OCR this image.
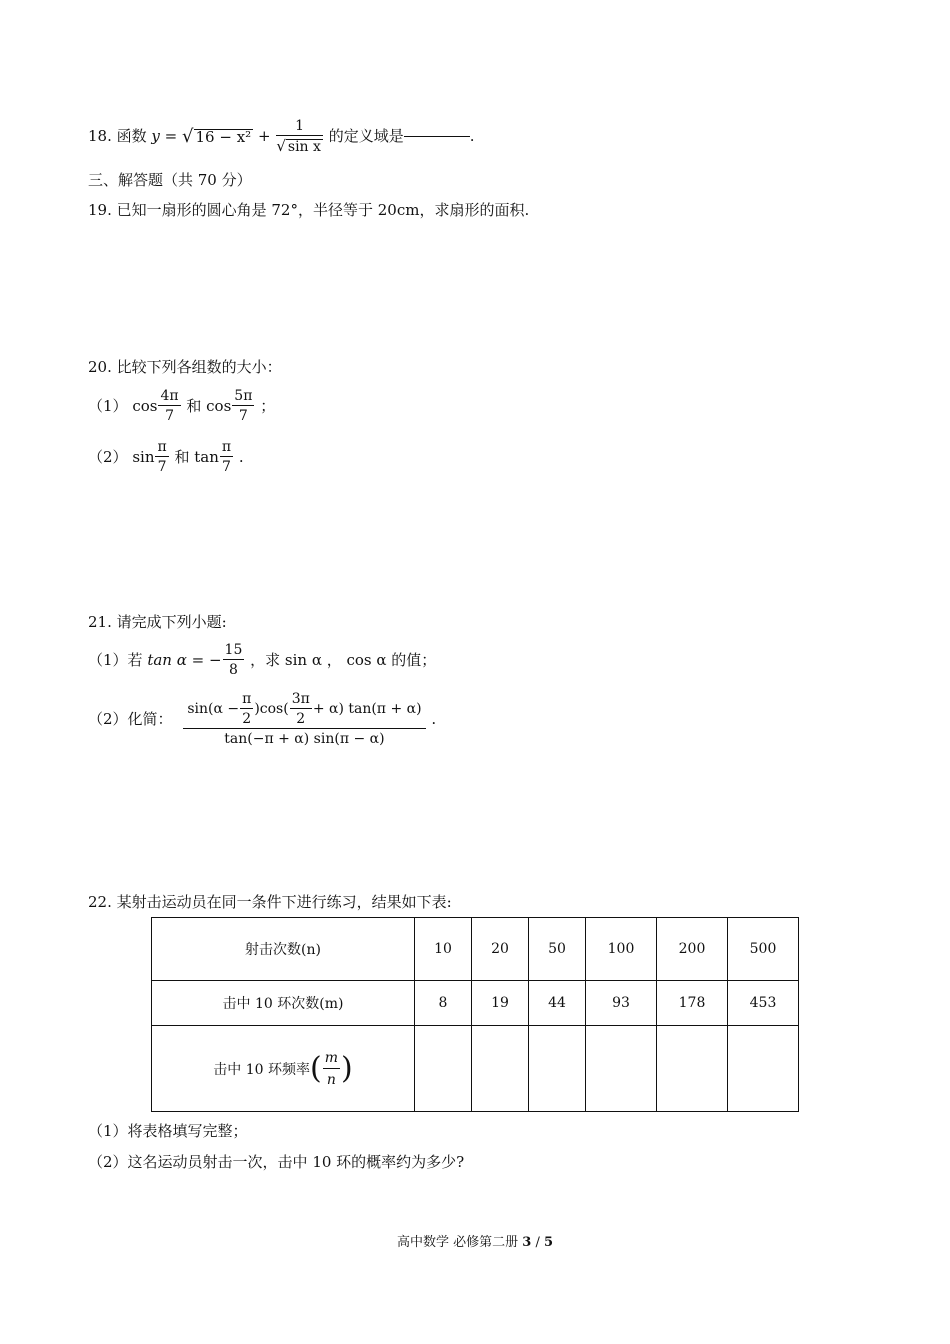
18. 函数 y = √ $16 - x^2 + \frac{1}{\text{√ sin x}}$ 的定义域是	.
三、解答题（共 70 分）
19. 已知一扇形的圆心角是 72°，半径等于 20cm，求扇形的面积.
20. 比较下列各组数的大小：
（1） $\cos \frac{4\pi}{7}$ 和 $\cos \frac{5\pi}{7}$ ；
（2） $\sin \frac{\pi}{7}$ 和 $\tan \frac{\pi}{7}$ .
21. 请完成下列小题:
（1）若 tan α = − $\frac{15}{8}$ ，求 sin α ， cos α 的值；
（2）化简： $\frac{\sin(\alpha - \frac{\pi}{2} )\cos( \frac{3\pi}{2} + \alpha) \tan(\pi + \alpha)}{\tan(-\pi + \alpha) \sin(\pi - \alpha)}$ .
22. 某射击运动员在同一条件下进行练习，结果如下表:
射击次数(n)	10	20	50	100	200	500
击中 10 环次数(m)	8	19	44	93	178	453
击中 10 环频率( $\frac{m}{n}$ )						
（1）将表格填写完整；
（2）这名运动员射击一次，击中 10 环的概率约为多少?
高中数学 必修第二册 3 / 5
